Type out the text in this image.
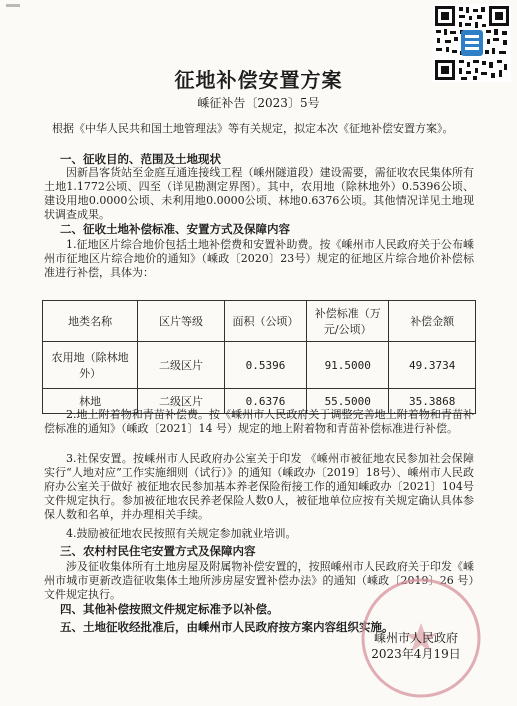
征地补偿安置方案
嵊征补告〔2023〕5号
根据《中华人民共和国土地管理法》等有关规定，拟定本次《征地补偿安置方案》。
一、征收目的、范围及土地现状
因新昌客货站至金庭互通连接线工程（嵊州隧道段）建设需要，需征收农民集体所有土地1.1772公顷、四至（详见勘测定界图）。其中，农用地（除林地外）0.5396公顷、建设用地0.0000公顷、未利用地0.0000公顷、林地0.6376公顷。其他情况详见土地现状调查成果。
二、征收土地补偿标准、安置方式及保障内容
1.征地区片综合地价包括土地补偿费和安置补助费。按《嵊州市人民政府关于公布嵊州市征地区片综合地价的通知》（嵊政〔2020〕23号）规定的征地区片综合地价补偿标准进行补偿，具体为：
地类名称	区片等级	面积（公顷）	补偿标准（万元/公顷）	补偿金额
农用地（除林地外）	二级区片	0.5396	91.5000	49.3734
林地	二级区片	0.6376	55.5000	35.3868
2.地上附着物和青苗补偿费。按《嵊州市人民政府关于调整完善地上附着物和青苗补偿标准的通知》（嵊政〔2021〕14 号）规定的地上附着物和青苗补偿标准进行补偿。
3.社保安置。按嵊州市人民政府办公室关于印发 《嵊州市被征地农民参加社会保障实行“人地对应”工作实施细则（试行）》的通知（嵊政办〔2019〕18号）、嵊州市人民政府办公室关于做好 被征地农民参加基本养老保险衔接工作的通知嵊政办〔2021〕104号文件规定执行。参加被征地农民养老保险人数0人，被征地单位应按有关规定确认具体参保人数和名单，并办理相关手续。
4.鼓励被征地农民按照有关规定参加就业培训。
三、农村村民住宅安置方式及保障内容
涉及征收集体所有土地房屋及附属物补偿安置的，按照嵊州市人民政府关于印发《嵊州市城市更新改造征收集体土地所涉房屋安置补偿办法》的通知（嵊政〔2019〕26 号）文件规定执行。
四、其他补偿按照文件规定标准予以补偿。
五、土地征收经批准后，由嵊州市人民政府按方案内容组织实施。
嵊州市人民政府
2023年4月19日
